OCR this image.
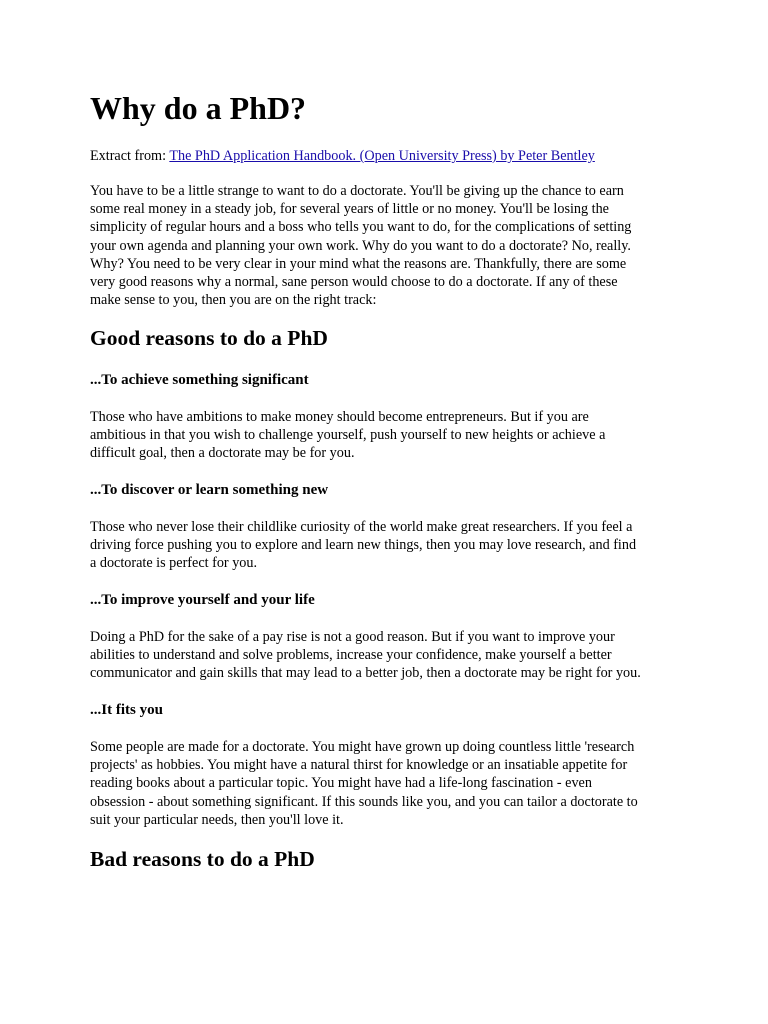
Why do a PhD?
Extract from: The PhD Application Handbook. (Open University Press) by Peter Bentley
You have to be a little strange to want to do a doctorate. You'll be giving up the chance to earn
some real money in a steady job, for several years of little or no money. You'll be losing the
simplicity of regular hours and a boss who tells you want to do, for the complications of setting
your own agenda and planning your own work. Why do you want to do a doctorate? No, really.
Why? You need to be very clear in your mind what the reasons are. Thankfully, there are some
very good reasons why a normal, sane person would choose to do a doctorate. If any of these
make sense to you, then you are on the right track:
Good reasons to do a PhD
...To achieve something significant
Those who have ambitions to make money should become entrepreneurs. But if you are
ambitious in that you wish to challenge yourself, push yourself to new heights or achieve a
difficult goal, then a doctorate may be for you.
...To discover or learn something new
Those who never lose their childlike curiosity of the world make great researchers. If you feel a
driving force pushing you to explore and learn new things, then you may love research, and find
a doctorate is perfect for you.
...To improve yourself and your life
Doing a PhD for the sake of a pay rise is not a good reason. But if you want to improve your
abilities to understand and solve problems, increase your confidence, make yourself a better
communicator and gain skills that may lead to a better job, then a doctorate may be right for you.
...It fits you
Some people are made for a doctorate. You might have grown up doing countless little 'research
projects' as hobbies. You might have a natural thirst for knowledge or an insatiable appetite for
reading books about a particular topic. You might have had a life-long fascination - even
obsession - about something significant. If this sounds like you, and you can tailor a doctorate to
suit your particular needs, then you'll love it.
Bad reasons to do a PhD
